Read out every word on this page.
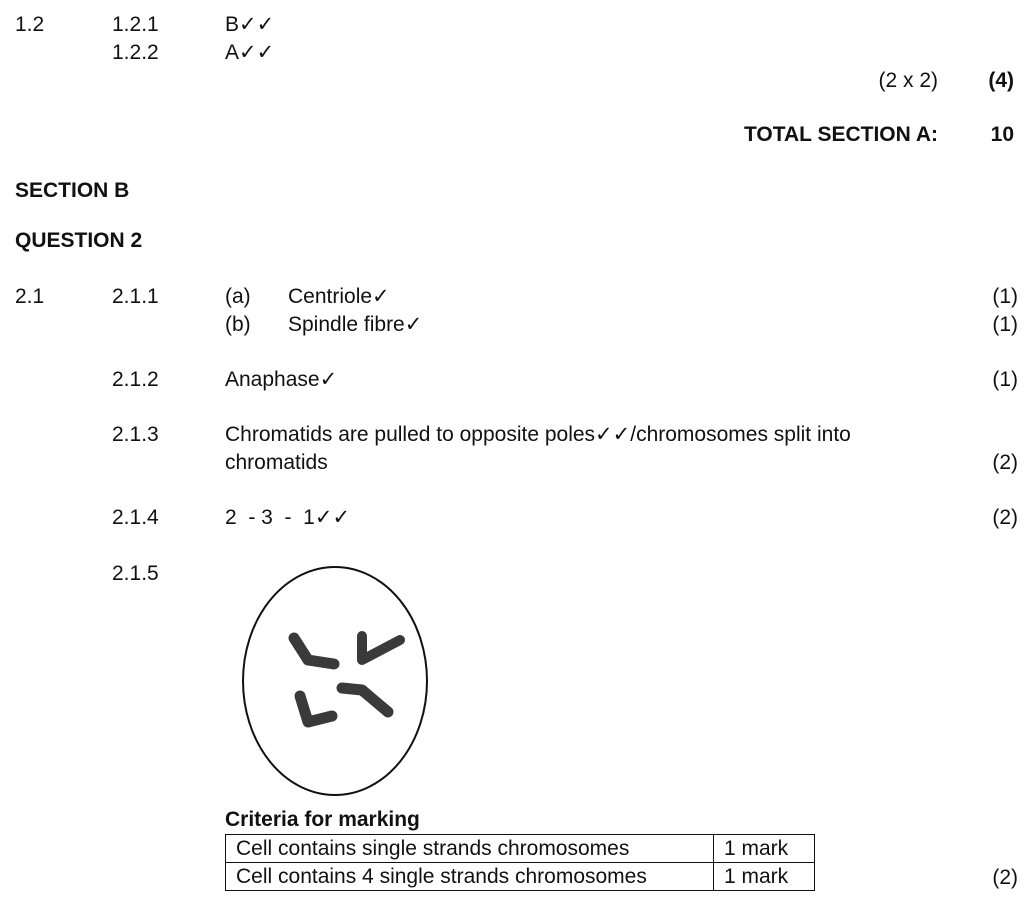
1.2	1.2.1	B✓✓
1.2.2	A✓✓
(2 x 2) (4)
TOTAL SECTION A:	10
SECTION B
QUESTION 2
2.1	2.1.1	(a) Centriole✓	(1)
(b) Spindle fibre✓	(1)
2.1.2	Anaphase✓	(1)
2.1.3	Chromatids are pulled to opposite poles✓✓/chromosomes split into
chromatids	(2)
2.1.4	2  - 3  -  1✓✓	(2)
2.1.5
Criteria for marking
Cell contains single strands chromosomes	1 mark
Cell contains 4 single strands chromosomes	1 mark	(2)
